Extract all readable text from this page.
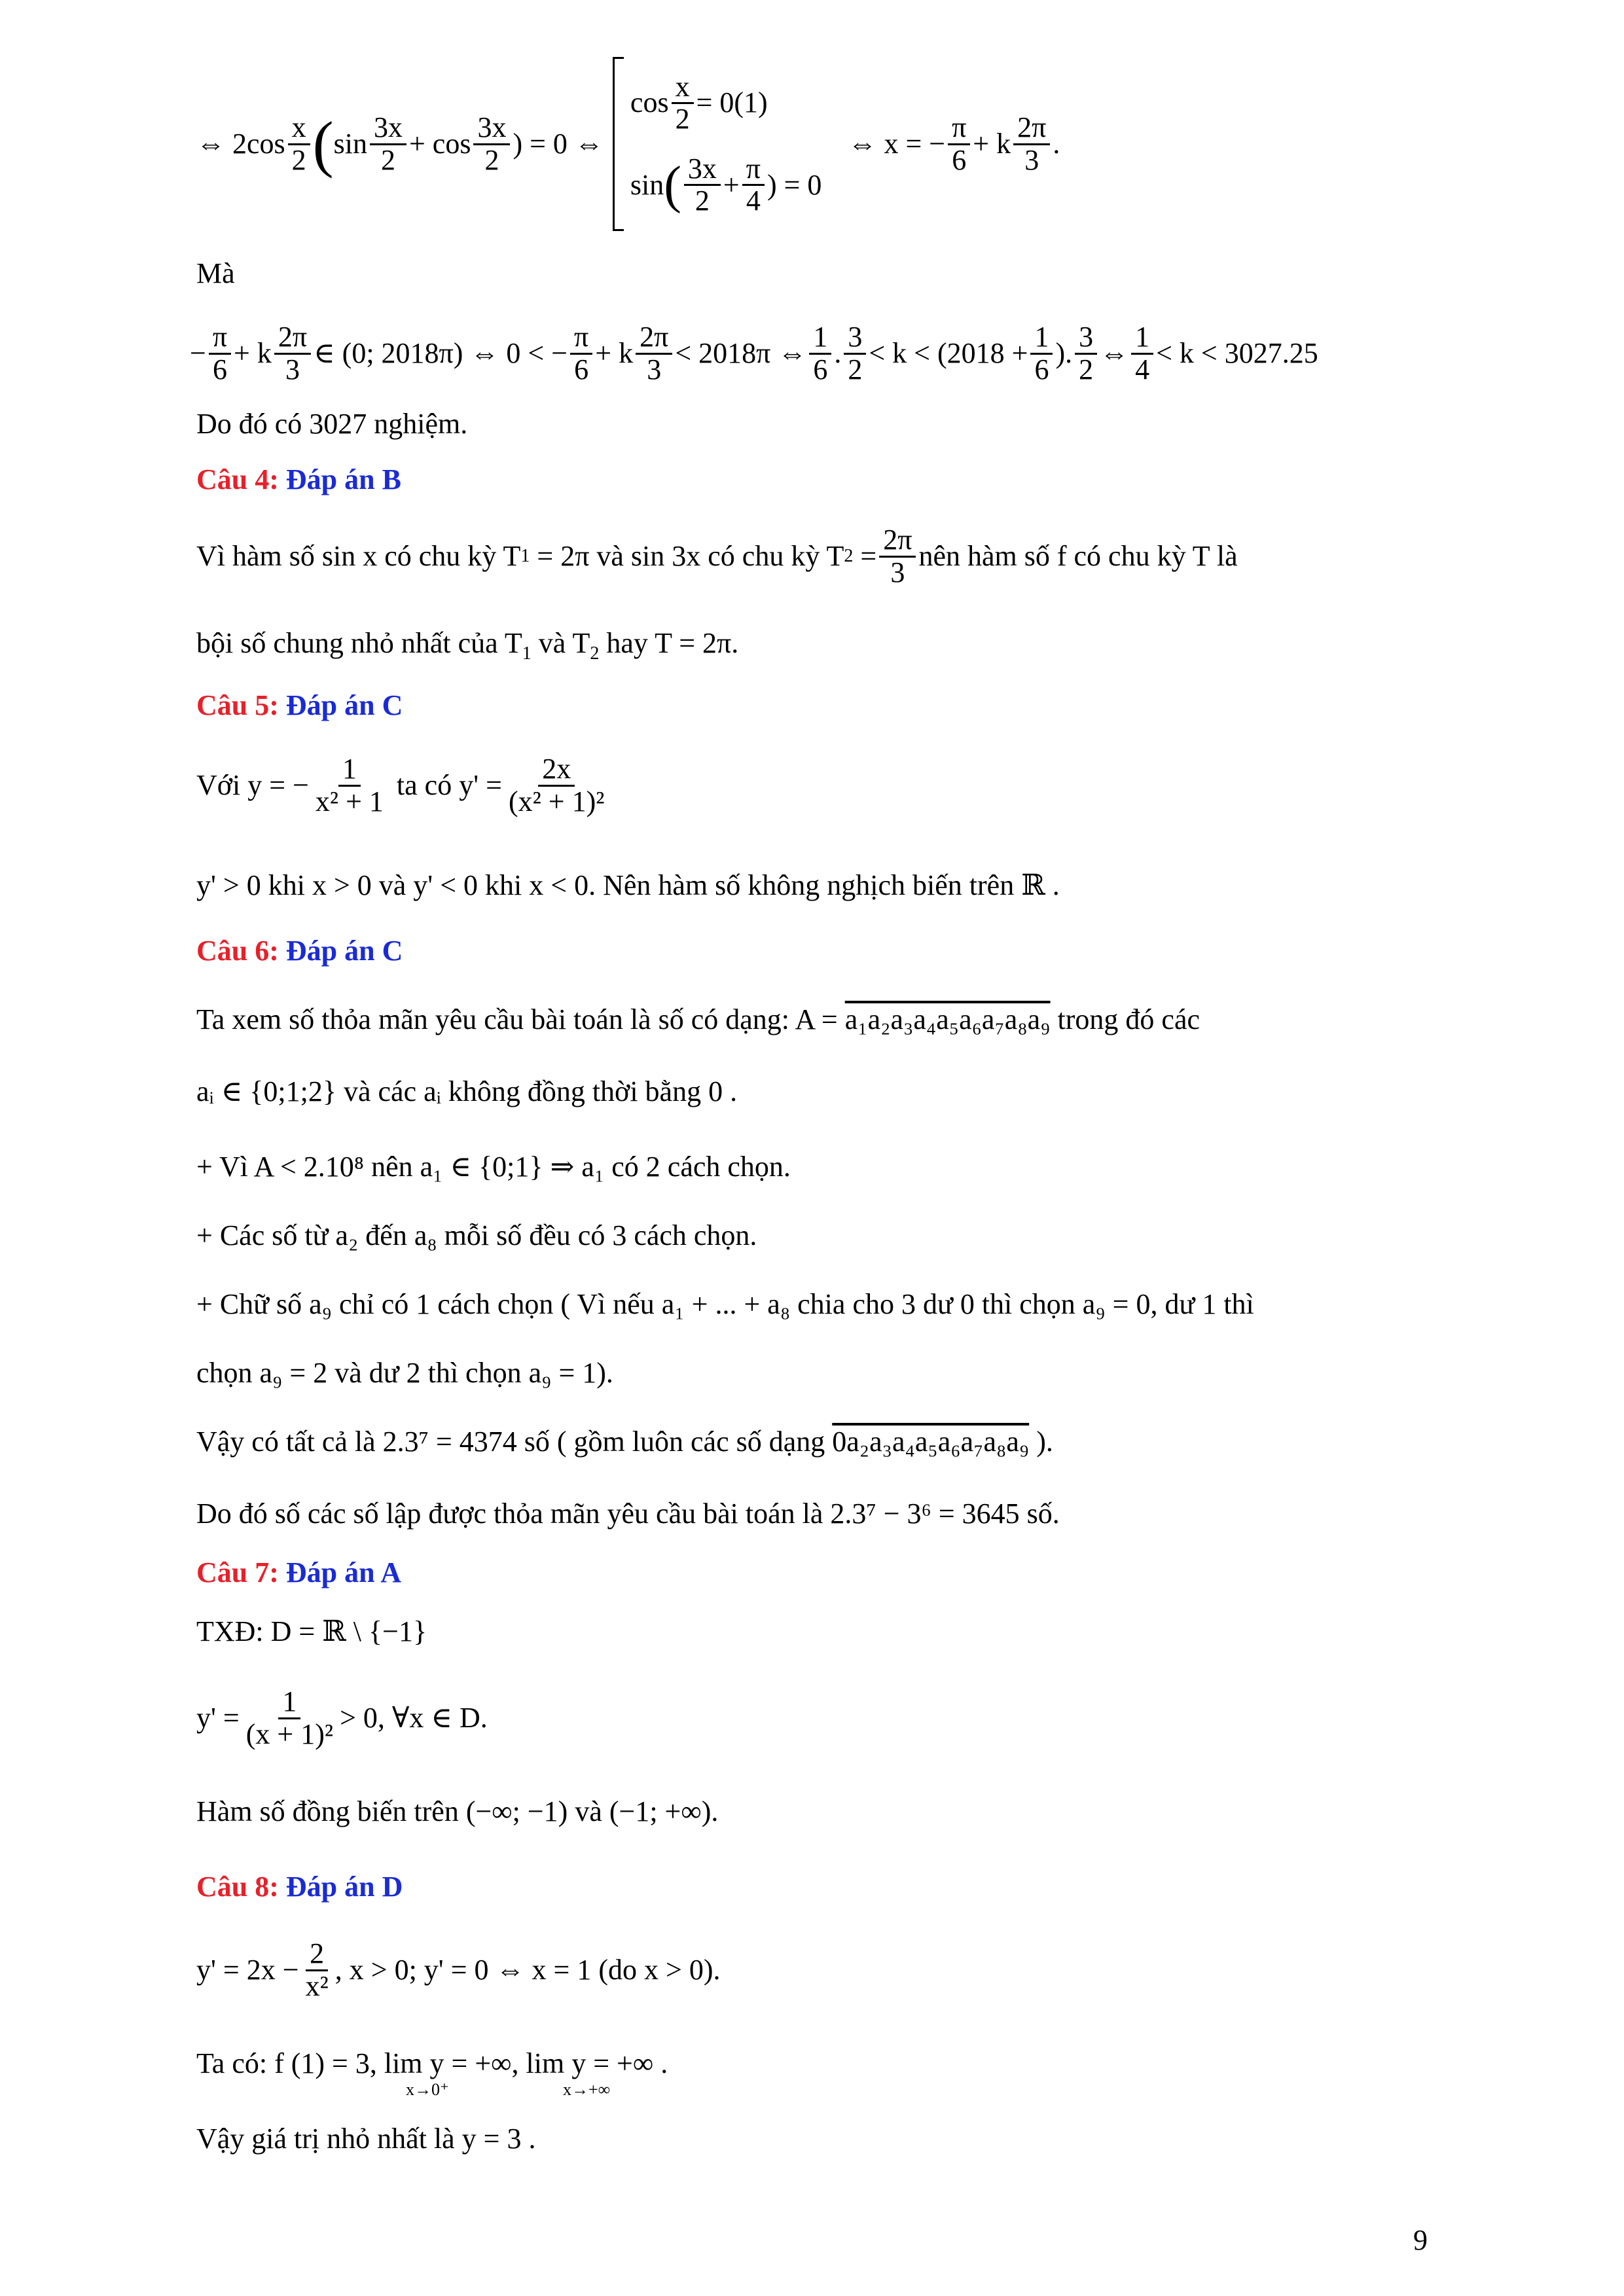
⇔ $2\cos \frac{x}{2}$ ( $\sin \frac{3x}{2} + \cos \frac{3x}{2}$ ) = 0 ⇔
$\cos \frac{x}{2} = 0(1)$
sin ( $\frac{3x}{2} + \frac{\pi}{4}$ ) = 0
⇔ x = − $\frac{\pi}{6} + k \frac{2\pi}{3}$ .
Mà
− $\frac{\pi}{6} + k \frac{2\pi}{3}$ ∈ (0; 2018π) ⇔ 0 < − $\frac{\pi}{6} + k \frac{2\pi}{3} < 2018\pi$ ⇔ $\frac{1}{6}$ . $\frac{3}{2} < k < (2018 + \frac{1}{6}$ ). $\frac{3}{2}$ ⇔ $\frac{1}{4} < k < 3027.25$
Do đó có 3027 nghiệm.
Câu 4: Đáp án B
Vì hàm số sin x có chu kỳ T 1
= 2π và sin 3x có chu kỳ T 2
= $\frac{2\pi}{3}$ nên hàm số f có chu kỳ T là
bội số chung nhỏ nhất của $T_1$ và $T_2$ hay T = 2π.
Câu 5: Đáp án C
Với y = − $\frac{1}{\text{x² + 1}}$ ta có $y' = \frac{2x}{\text{(x² + 1)²}}$
y' > 0 khi x > 0 và y' < 0 khi x < 0. Nên hàm số không nghịch biến trên ℝ .
Câu 6: Đáp án C
Ta xem số thỏa mãn yêu cầu bài toán là số có dạng: A = a₁a₂a₃a₄a₅a₆a₇a₈a₉ trong đó các
aᵢ ∈ {0;1;2} và các aᵢ không đồng thời bằng 0 .
+ Vì A < 2.10⁸ nên a₁ ∈ {0;1} ⇒ a₁ có 2 cách chọn.
+ Các số từ a₂ đến a₈ mỗi số đều có 3 cách chọn.
+ Chữ số a₉ chỉ có 1 cách chọn ( Vì nếu a₁ + ... + a₈ chia cho 3 dư 0 thì chọn a₉ = 0, dư 1 thì
chọn a₉ = 2 và dư 2 thì chọn a₉ = 1).
Vậy có tất cả là 2.3⁷ = 4374 số ( gồm luôn các số dạng 0a₂a₃a₄a₅a₆a₇a₈a₉ ).
Do đó số các số lập được thỏa mãn yêu cầu bài toán là 2.3⁷ − 3⁶ = 3645 số.
Câu 7: Đáp án A
TXĐ: D = ℝ \ {−1}
$y' = \frac{1}{\text{(x + 1)²}} > 0$, ∀x ∈ D.
Hàm số đồng biến trên (−∞; −1) và (−1; +∞).
Câu 8: Đáp án D
$y' = 2x - \frac{2}{\text{x²}}$ , x > 0; y' = 0 ⇔ x = 1 (do x > 0).
Ta có: f (1) = 3, lim y = +∞, lim y = +∞ .
x→0⁺	x→+∞
Vậy giá trị nhỏ nhất là y = 3 .
9
